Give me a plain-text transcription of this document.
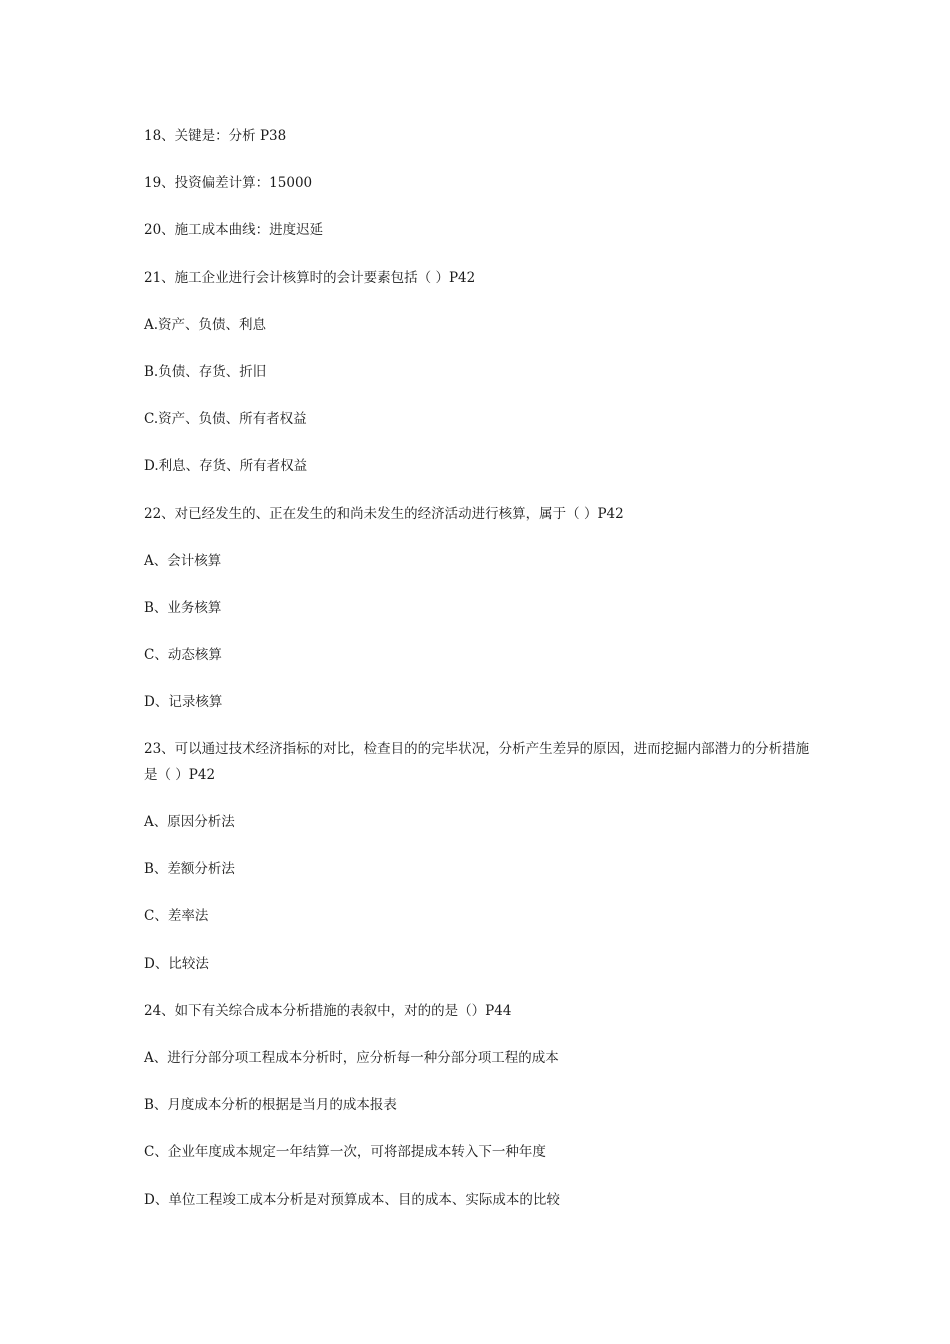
18、关键是：分析 P38
19、投资偏差计算：15000
20、施工成本曲线：进度迟延
21、施工企业进行会计核算时的会计要素包括（ ）P42
A.资产、负债、利息
B.负债、存货、折旧
C.资产、负债、所有者权益
D.利息、存货、所有者权益
22、对已经发生的、正在发生的和尚未发生的经济活动进行核算，属于（ ）P42
A、会计核算
B、业务核算
C、动态核算
D、记录核算
23、可以通过技术经济指标的对比，检查目的的完毕状况，分析产生差异的原因，进而挖掘内部潜力的分析措施是（ ）P42
A、原因分析法
B、差额分析法
C、差率法
D、比较法
24、如下有关综合成本分析措施的表叙中，对的的是（）P44
A、进行分部分项工程成本分析时，应分析每一种分部分项工程的成本
B、月度成本分析的根据是当月的成本报表
C、企业年度成本规定一年结算一次，可将部提成本转入下一种年度
D、单位工程竣工成本分析是对预算成本、目的成本、实际成本的比较
